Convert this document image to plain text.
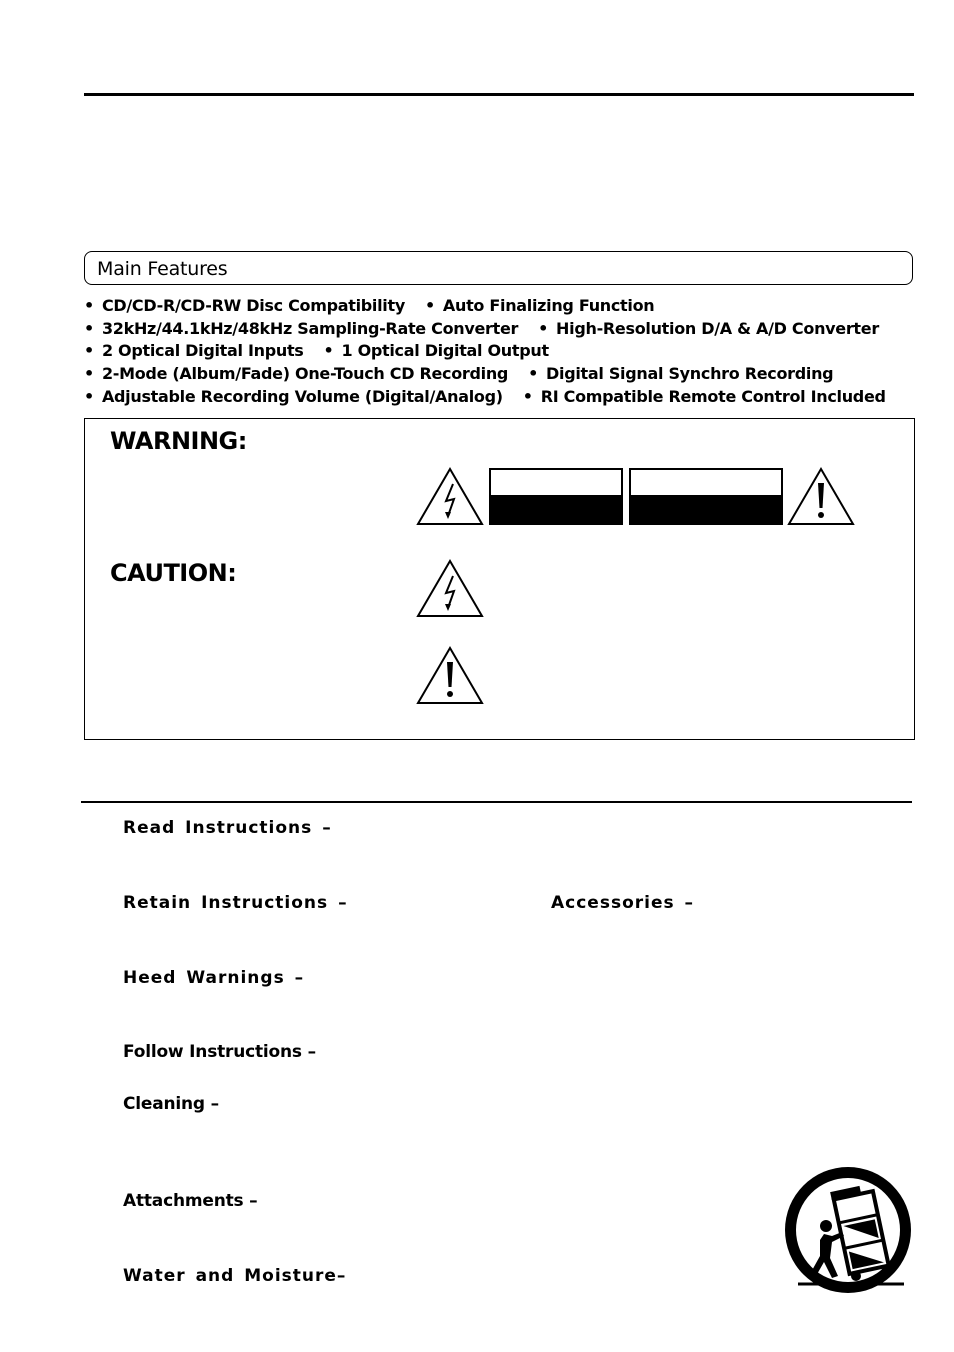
Main Features
• CD/CD-R/CD-RW Disc Compatibility • Auto Finalizing Function
• 32kHz/44.1kHz/48kHz Sampling-Rate Converter • High-Resolution D/A & A/D Converter
• 2 Optical Digital Inputs • 1 Optical Digital Output
• 2-Mode (Album/Fade) One-Touch CD Recording • Digital Signal Synchro Recording
• Adjustable Recording Volume (Digital/Analog) • RI Compatible Remote Control Included
WARNING:
CAUTION:
Read Instructions –
Retain Instructions –	Accessories –
Heed Warnings –
Follow Instructions –
Cleaning –
Attachments –
Water and Moisture–
